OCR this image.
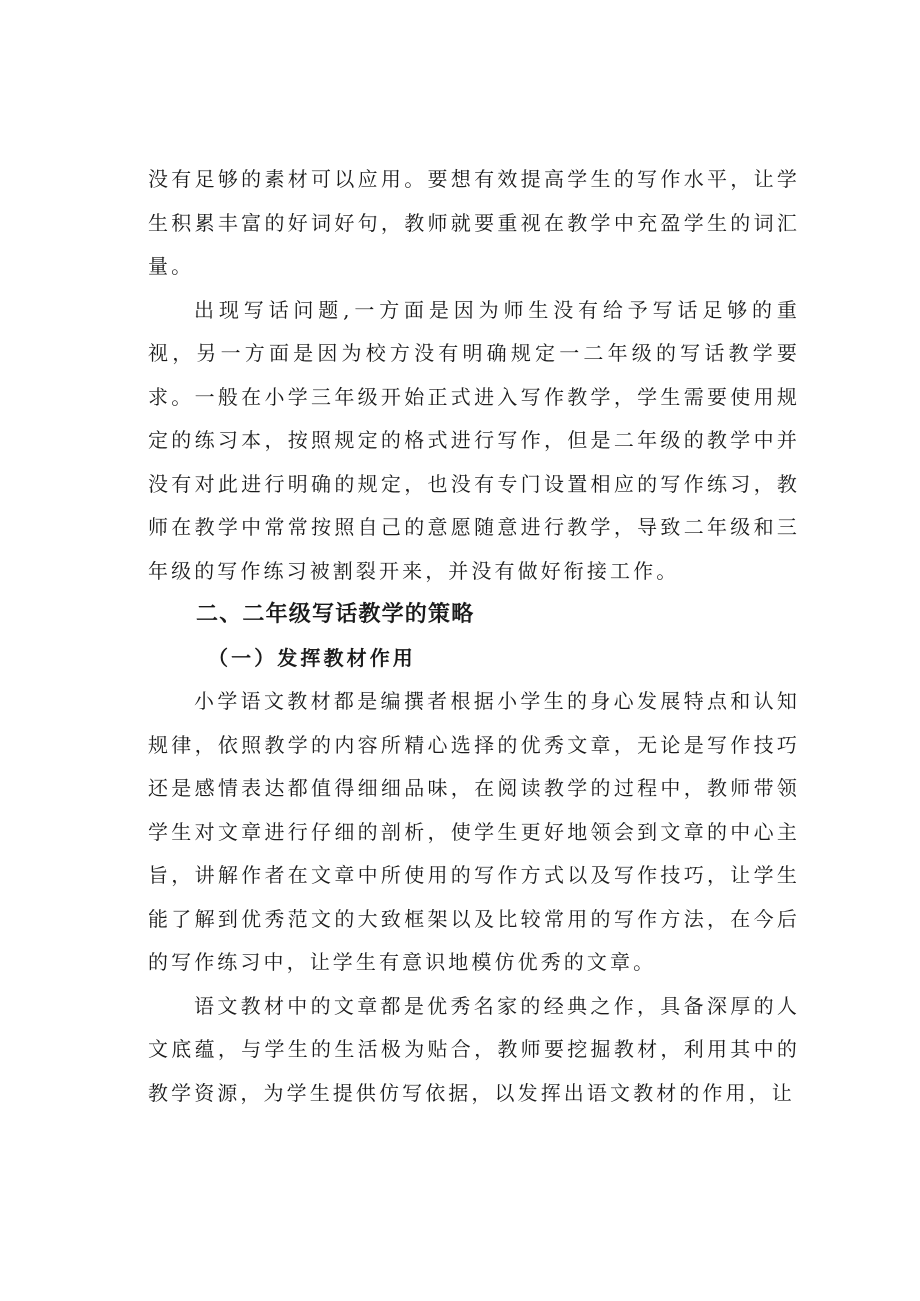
没有足够的素材可以应用。要想有效提高学生的写作水平，让学生积累丰富的好词好句，教师就要重视在教学中充盈学生的词汇量。

出现写话问题,一方面是因为师生没有给予写话足够的重视，另一方面是因为校方没有明确规定一二年级的写话教学要求。一般在小学三年级开始正式进入写作教学，学生需要使用规定的练习本，按照规定的格式进行写作，但是二年级的教学中并没有对此进行明确的规定，也没有专门设置相应的写作练习，教师在教学中常常按照自己的意愿随意进行教学，导致二年级和三年级的写作练习被割裂开来，并没有做好衔接工作。

二、二年级写话教学的策略
（一）发挥教材作用

小学语文教材都是编撰者根据小学生的身心发展特点和认知规律，依照教学的内容所精心选择的优秀文章，无论是写作技巧还是感情表达都值得细细品味，在阅读教学的过程中，教师带领学生对文章进行仔细的剖析，使学生更好地领会到文章的中心主旨，讲解作者在文章中所使用的写作方式以及写作技巧，让学生能了解到优秀范文的大致框架以及比较常用的写作方法，在今后的写作练习中，让学生有意识地模仿优秀的文章。

语文教材中的文章都是优秀名家的经典之作，具备深厚的人文底蕴，与学生的生活极为贴合，教师要挖掘教材，利用其中的教学资源，为学生提供仿写依据，以发挥出语文教材的作用，让
